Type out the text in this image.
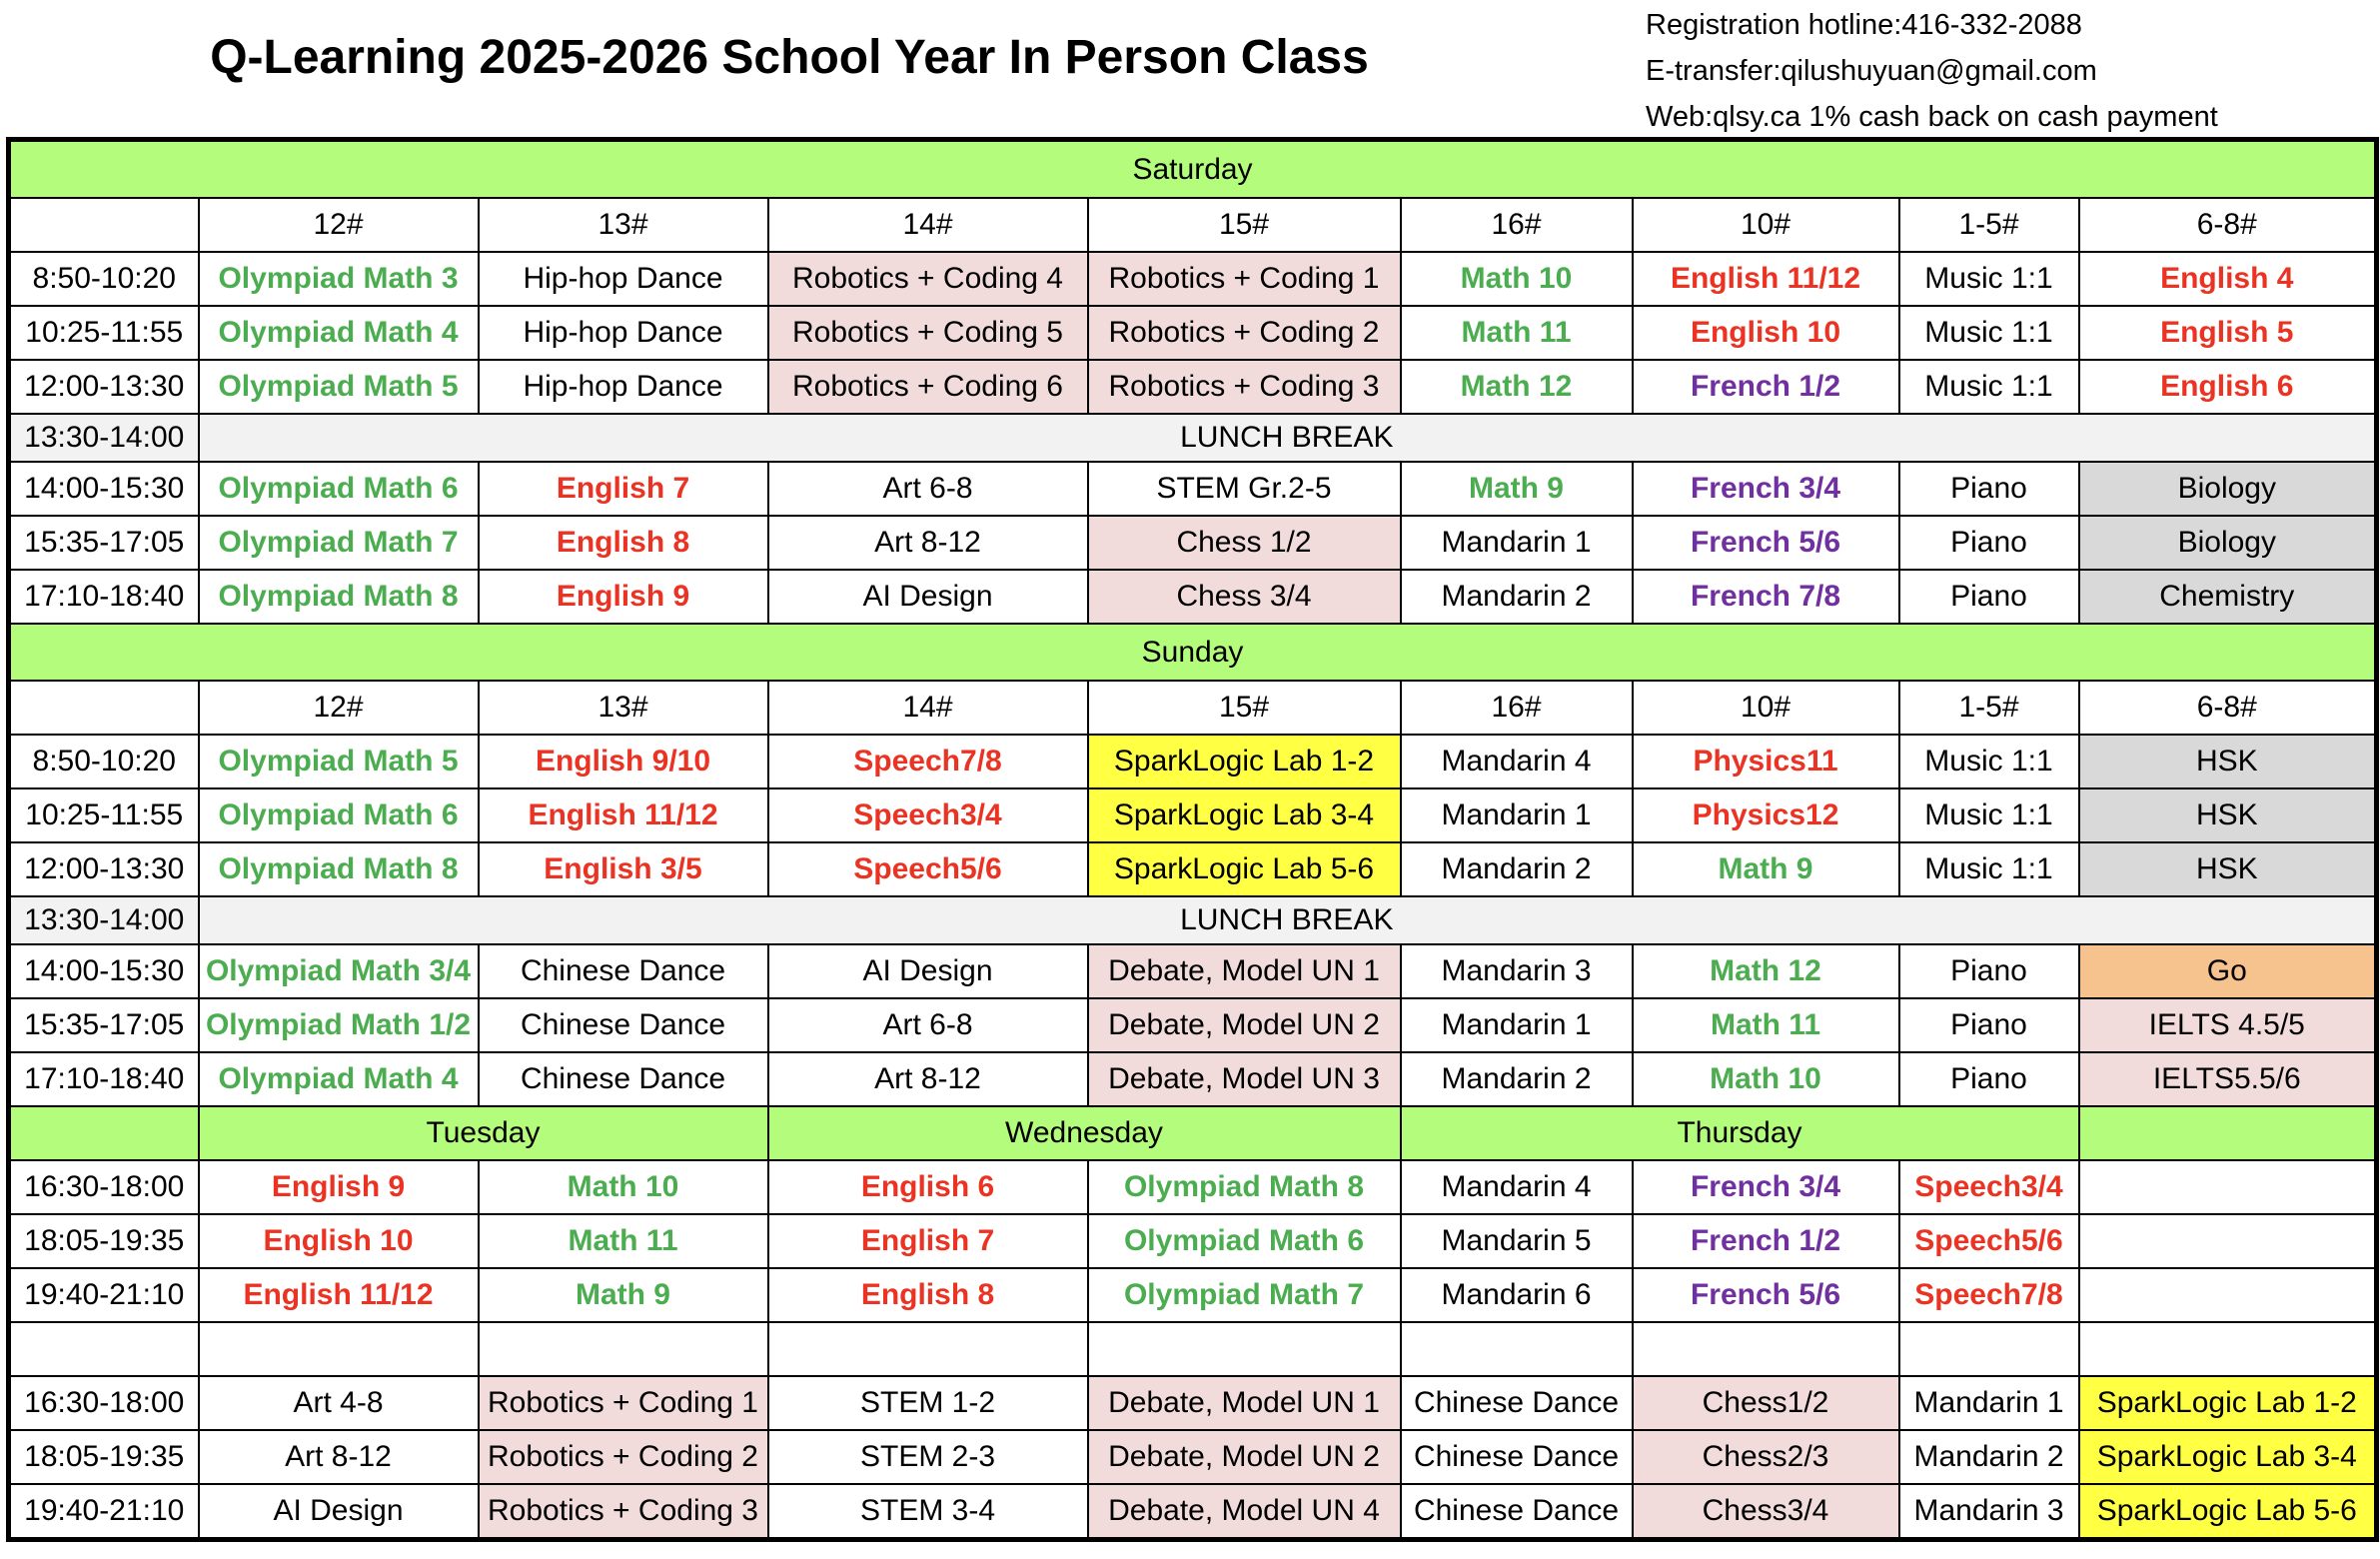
Q-Learning 2025-2026 School Year In Person Class
Registration hotline:416-332-2088
E-transfer:qilushuyuan@gmail.com
Web:qlsy.ca 1% cash back on cash payment
Saturday								
	12#	13#	14#	15#	16#	10#	1-5#	6-8#
8:50-10:20	Olympiad Math 3	Hip-hop Dance	Robotics + Coding 4	Robotics + Coding 1	Math 10	English 11/12	Music 1:1	English 4
10:25-11:55	Olympiad Math 4	Hip-hop Dance	Robotics + Coding 5	Robotics + Coding 2	Math 11	English 10	Music 1:1	English 5
12:00-13:30	Olympiad Math 5	Hip-hop Dance	Robotics + Coding 6	Robotics + Coding 3	Math 12	French 1/2	Music 1:1	English 6
13:30-14:00	LUNCH BREAK							
14:00-15:30	Olympiad Math 6	English 7	Art 6-8	STEM Gr.2-5	Math 9	French 3/4	Piano	Biology
15:35-17:05	Olympiad Math 7	English 8	Art 8-12	Chess 1/2	Mandarin 1	French 5/6	Piano	Biology
17:10-18:40	Olympiad Math 8	English 9	AI Design	Chess 3/4	Mandarin 2	French 7/8	Piano	Chemistry
Sunday								
	12#	13#	14#	15#	16#	10#	1-5#	6-8#
8:50-10:20	Olympiad Math 5	English 9/10	Speech7/8	SparkLogic Lab 1-2	Mandarin 4	Physics11	Music 1:1	HSK
10:25-11:55	Olympiad Math 6	English 11/12	Speech3/4	SparkLogic Lab 3-4	Mandarin 1	Physics12	Music 1:1	HSK
12:00-13:30	Olympiad Math 8	English 3/5	Speech5/6	SparkLogic Lab 5-6	Mandarin 2	Math 9	Music 1:1	HSK
13:30-14:00	LUNCH BREAK							
14:00-15:30	Olympiad Math 3/4	Chinese Dance	AI Design	Debate, Model UN 1	Mandarin 3	Math 12	Piano	Go
15:35-17:05	Olympiad Math 1/2	Chinese Dance	Art 6-8	Debate, Model UN 2	Mandarin 1	Math 11	Piano	IELTS 4.5/5
17:10-18:40	Olympiad Math 4	Chinese Dance	Art 8-12	Debate, Model UN 3	Mandarin 2	Math 10	Piano	IELTS5.5/6
	Tuesday		Wednesday		Thursday			
16:30-18:00	English 9	Math 10	English 6	Olympiad Math 8	Mandarin 4	French 3/4	Speech3/4	
18:05-19:35	English 10	Math 11	English 7	Olympiad Math 6	Mandarin 5	French 1/2	Speech5/6	
19:40-21:10	English 11/12	Math 9	English 8	Olympiad Math 7	Mandarin 6	French 5/6	Speech7/8	

16:30-18:00	Art 4-8	Robotics + Coding 1	STEM 1-2	Debate, Model UN 1	Chinese Dance	Chess1/2	Mandarin 1	SparkLogic Lab 1-2
18:05-19:35	Art 8-12	Robotics + Coding 2	STEM 2-3	Debate, Model UN 2	Chinese Dance	Chess2/3	Mandarin 2	SparkLogic Lab 3-4
19:40-21:10	AI Design	Robotics + Coding 3	STEM 3-4	Debate, Model UN 4	Chinese Dance	Chess3/4	Mandarin 3	SparkLogic Lab 5-6
